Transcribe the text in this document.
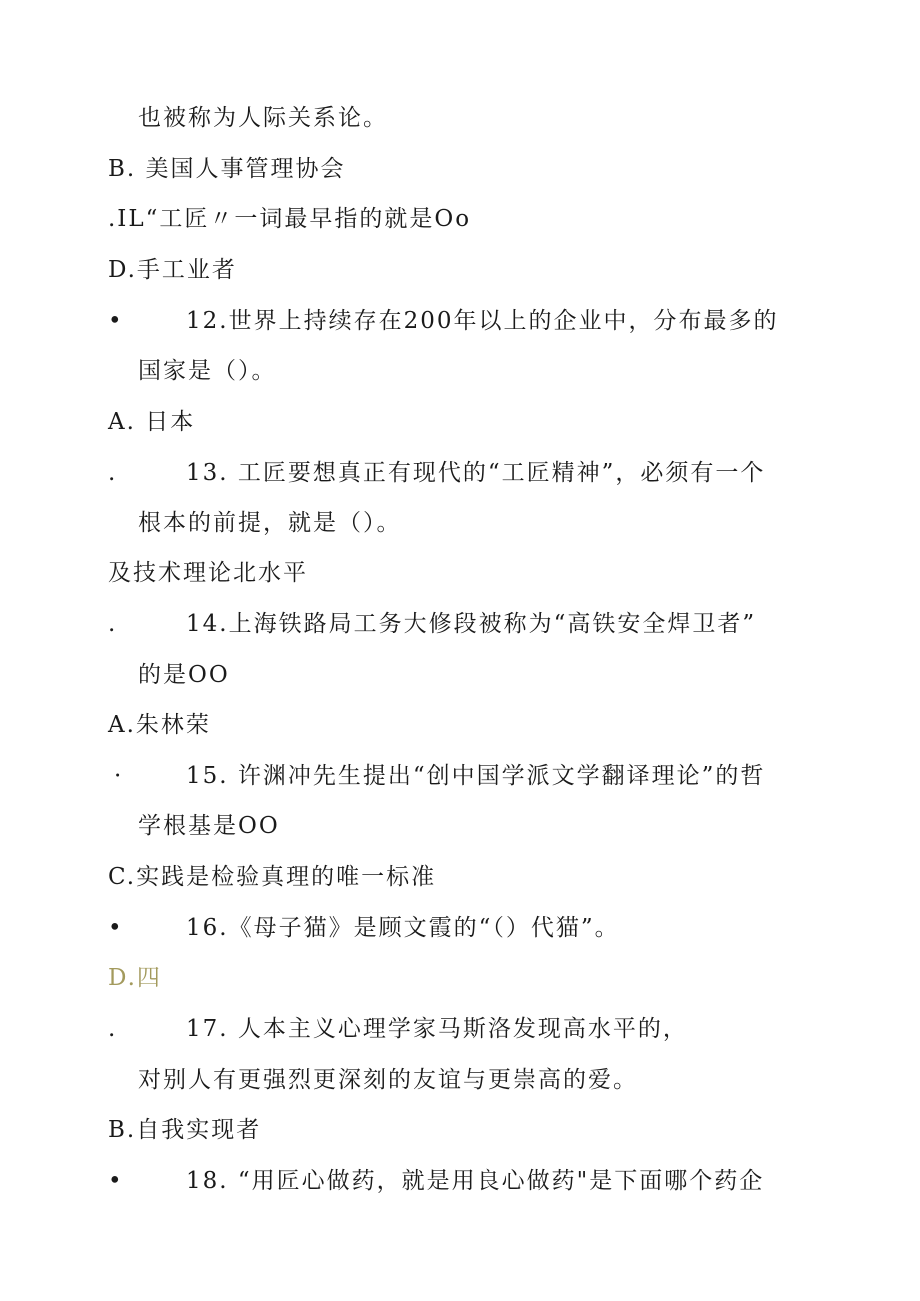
也被称为人际关系论。
B. 美国人事管理协会
.IL“工匠〃一词最早指的就是Oo
D.手工业者
•	12.世界上持续存在200年以上的企业中，分布最多的
国家是（）。
A. 日本
.	13. 工匠要想真正有现代的“工匠精神”，必须有一个
根本的前提，就是（）。
及技术理论北水平
.	14.上海铁路局工务大修段被称为“高铁安全焊卫者”
的是OO
A.朱林荣
·	15. 许渊冲先生提出“创中国学派文学翻译理论”的哲
学根基是OO
C.实践是检验真理的唯一标准
•	16.《母子猫》是顾文霞的“（）代猫”。
D.四
.	17. 人本主义心理学家马斯洛发现高水平的，
对别人有更强烈更深刻的友谊与更崇高的爱。
B.自我实现者
•	18. “用匠心做药，就是用良心做药"是下面哪个药企
